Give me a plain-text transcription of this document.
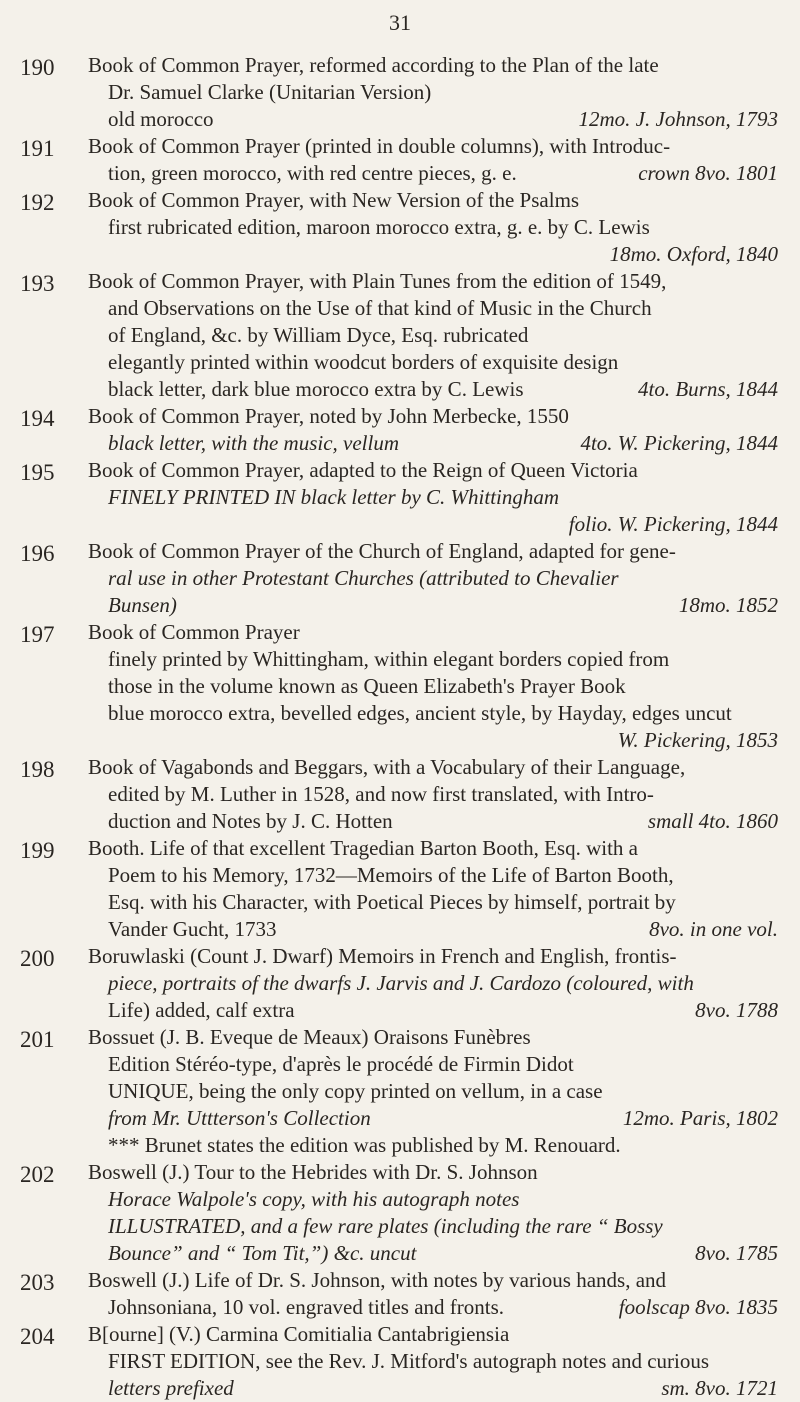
31
190	Book of Common Prayer, reformed according to the Plan of the late
Dr. Samuel Clarke (Unitarian Version)
old morocco	12mo. J. Johnson, 1793
191	Book of Common Prayer (printed in double columns), with Introduc-
tion, green morocco, with red centre pieces, g. e.	crown 8vo. 1801
192	Book of Common Prayer, with New Version of the Psalms
first rubricated edition, maroon morocco extra, g. e. by C. Lewis
18mo. Oxford, 1840
193	Book of Common Prayer, with Plain Tunes from the edition of 1549,
and Observations on the Use of that kind of Music in the Church
of England, &c. by William Dyce, Esq. rubricated
elegantly printed within woodcut borders of exquisite design
black letter, dark blue morocco extra by C. Lewis	4to. Burns, 1844
194	Book of Common Prayer, noted by John Merbecke, 1550
black letter, with the music, vellum	4to. W. Pickering, 1844
195	Book of Common Prayer, adapted to the Reign of Queen Victoria
FINELY PRINTED IN black letter by C. Whittingham
folio. W. Pickering, 1844
196	Book of Common Prayer of the Church of England, adapted for gene-
ral use in other Protestant Churches (attributed to Chevalier
Bunsen)	18mo. 1852
197	Book of Common Prayer
finely printed by Whittingham, within elegant borders copied from
those in the volume known as Queen Elizabeth's Prayer Book
blue morocco extra, bevelled edges, ancient style, by Hayday, edges uncut
W. Pickering, 1853
198	Book of Vagabonds and Beggars, with a Vocabulary of their Language,
edited by M. Luther in 1528, and now first translated, with Intro-
duction and Notes by J. C. Hotten	small 4to. 1860
199	Booth. Life of that excellent Tragedian Barton Booth, Esq. with a
Poem to his Memory, 1732—Memoirs of the Life of Barton Booth,
Esq. with his Character, with Poetical Pieces by himself, portrait by
Vander Gucht, 1733	8vo. in one vol.
200	Boruwlaski (Count J. Dwarf) Memoirs in French and English, frontis-
piece, portraits of the dwarfs J. Jarvis and J. Cardozo (coloured, with
Life) added, calf extra	8vo. 1788
201	Bossuet (J. B. Eveque de Meaux) Oraisons Funèbres
Edition Stéréo-type, d'après le procédé de Firmin Didot
UNIQUE, being the only copy printed on vellum, in a case
from Mr. Uttterson's Collection	12mo. Paris, 1802
*** Brunet states the edition was published by M. Renouard.
202	Boswell (J.) Tour to the Hebrides with Dr. S. Johnson
Horace Walpole's copy, with his autograph notes
ILLUSTRATED, and a few rare plates (including the rare “ Bossy
Bounce” and “ Tom Tit,”) &c. uncut	8vo. 1785
203	Boswell (J.) Life of Dr. S. Johnson, with notes by various hands, and
Johnsoniana, 10 vol. engraved titles and fronts.	foolscap 8vo. 1835
204	B[ourne] (V.) Carmina Comitialia Cantabrigiensia
FIRST EDITION, see the Rev. J. Mitford's autograph notes and curious
letters prefixed	sm. 8vo. 1721
